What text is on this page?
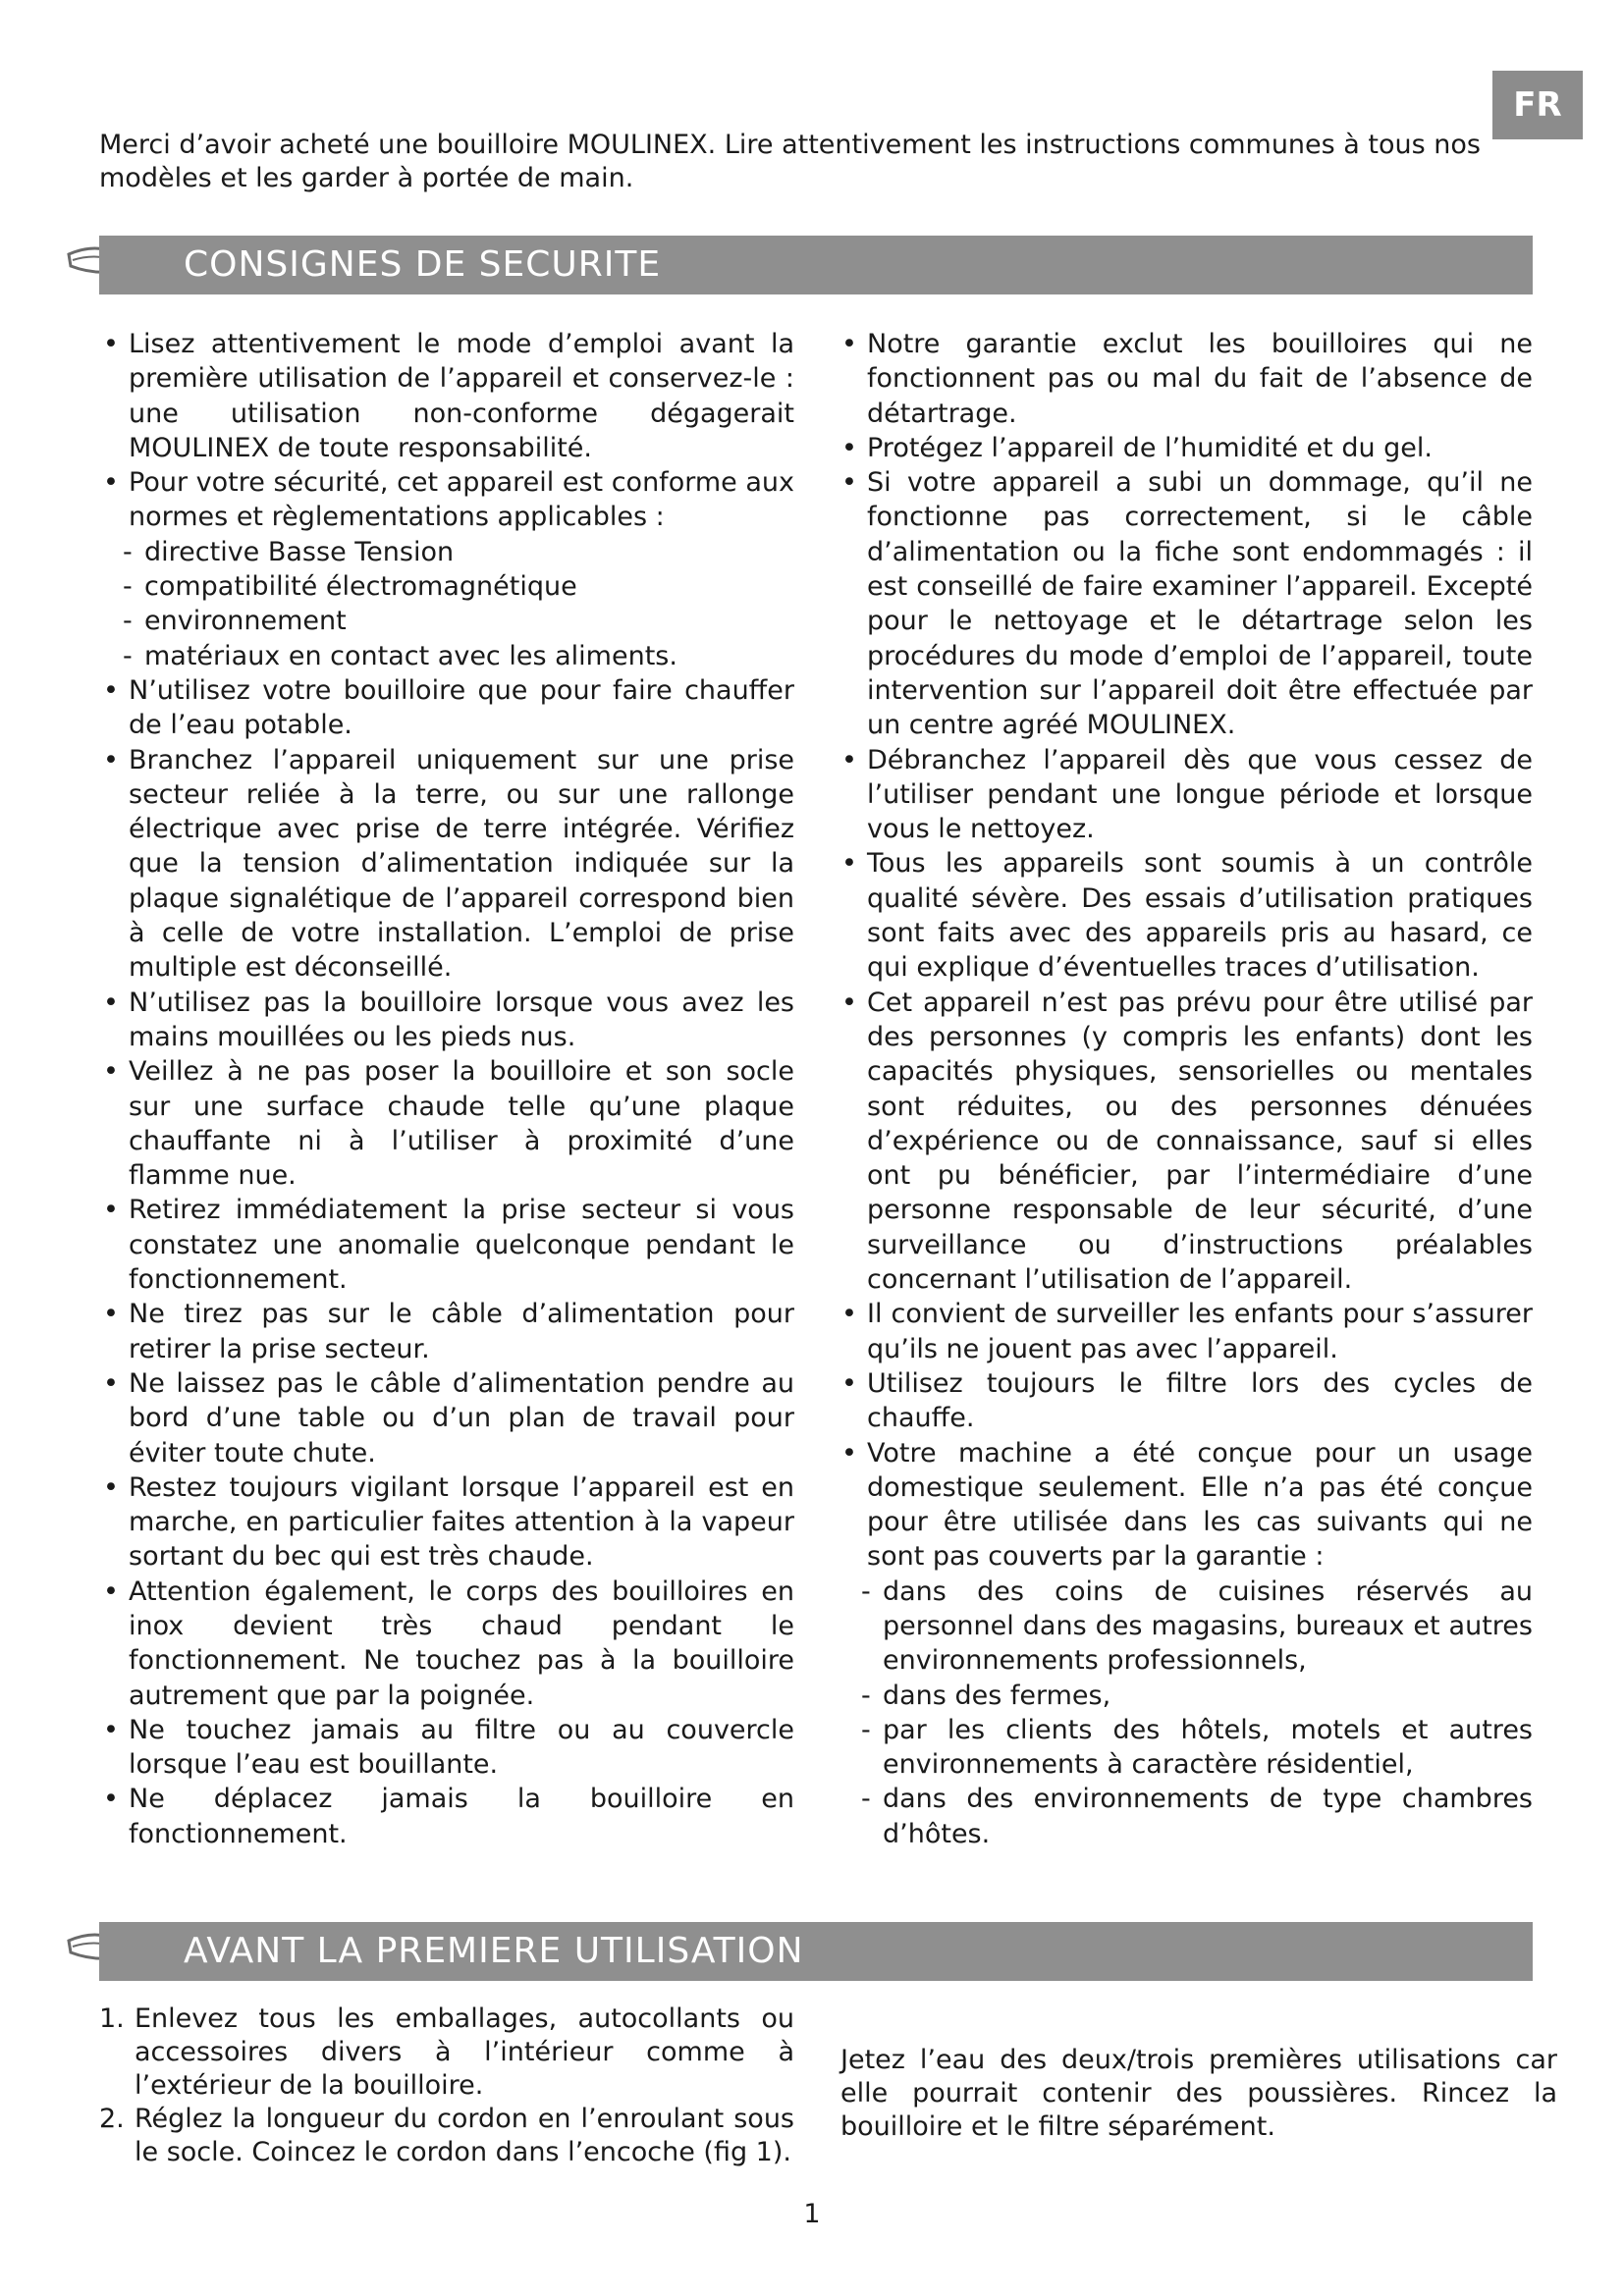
FR

Merci d’avoir acheté une bouilloire MOULINEX. Lire attentivement les instructions communes à tous nos modèles et les garder à portée de main.

CONSIGNES DE SECURITE
• Lisez attentivement le mode d’emploi avant la première utilisation de l’appareil et conservez-le : une utilisation non-conforme dégagerait MOULINEX de toute responsabilité.
• Pour votre sécurité, cet appareil est conforme aux normes et règlementations applicables :
- directive Basse Tension
- compatibilité électromagnétique
- environnement
- matériaux en contact avec les aliments.
• N’utilisez votre bouilloire que pour faire chauffer de l’eau potable.
• Branchez l’appareil uniquement sur une prise secteur reliée à la terre, ou sur une rallonge électrique avec prise de terre intégrée. Vérifiez que la tension d’alimentation indiquée sur la plaque signalétique de l’appareil correspond bien à celle de votre installation. L’emploi de prise multiple est déconseillé.
• N’utilisez pas la bouilloire lorsque vous avez les mains mouillées ou les pieds nus.
• Veillez à ne pas poser la bouilloire et son socle sur une surface chaude telle qu’une plaque chauffante ni à l’utiliser à proximité d’une flamme nue.
• Retirez immédiatement la prise secteur si vous constatez une anomalie quelconque pendant le fonctionnement.
• Ne tirez pas sur le câble d’alimentation pour retirer la prise secteur.
• Ne laissez pas le câble d’alimentation pendre au bord d’une table ou d’un plan de travail pour éviter toute chute.
• Restez toujours vigilant lorsque l’appareil est en marche, en particulier faites attention à la vapeur sortant du bec qui est très chaude.
• Attention également, le corps des bouilloires en inox devient très chaud pendant le fonctionnement. Ne touchez pas à la bouilloire autrement que par la poignée.
• Ne touchez jamais au filtre ou au couvercle lorsque l’eau est bouillante.
• Ne déplacez jamais la bouilloire en fonctionnement.
• Notre garantie exclut les bouilloires qui ne fonctionnent pas ou mal du fait de l’absence de détartrage.
• Protégez l’appareil de l’humidité et du gel.
• Si votre appareil a subi un dommage, qu’il ne fonctionne pas correctement, si le câble d’alimentation ou la fiche sont endommagés : il est conseillé de faire examiner l’appareil. Excepté pour le nettoyage et le détartrage selon les procédures du mode d’emploi de l’appareil, toute intervention sur l’appareil doit être effectuée par un centre agréé MOULINEX.
• Débranchez l’appareil dès que vous cessez de l’utiliser pendant une longue période et lorsque vous le nettoyez.
• Tous les appareils sont soumis à un contrôle qualité sévère. Des essais d’utilisation pratiques sont faits avec des appareils pris au hasard, ce qui explique d’éventuelles traces d’utilisation.
• Cet appareil n’est pas prévu pour être utilisé par des personnes (y compris les enfants) dont les capacités physiques, sensorielles ou mentales sont réduites, ou des personnes dénuées d’expérience ou de connaissance, sauf si elles ont pu bénéficier, par l’intermédiaire d’une personne responsable de leur sécurité, d’une surveillance ou d’instructions préalables concernant l’utilisation de l’appareil.
• Il convient de surveiller les enfants pour s’assurer qu’ils ne jouent pas avec l’appareil.
• Utilisez toujours le filtre lors des cycles de chauffe.
• Votre machine a été conçue pour un usage domestique seulement. Elle n’a pas été conçue pour être utilisée dans les cas suivants qui ne sont pas couverts par la garantie :
- dans des coins de cuisines réservés au personnel dans des magasins, bureaux et autres environnements professionnels,
- dans des fermes,
- par les clients des hôtels, motels et autres environnements à caractère résidentiel,
- dans des environnements de type chambres d’hôtes.
AVANT LA PREMIERE UTILISATION
1. Enlevez tous les emballages, autocollants ou accessoires divers à l’intérieur comme à l’extérieur de la bouilloire.
2. Réglez la longueur du cordon en l’enroulant sous le socle. Coincez le cordon dans l’encoche (fig 1).

Jetez l’eau des deux/trois premières utilisations car elle pourrait contenir des poussières. Rincez la bouilloire et le filtre séparément.

1
